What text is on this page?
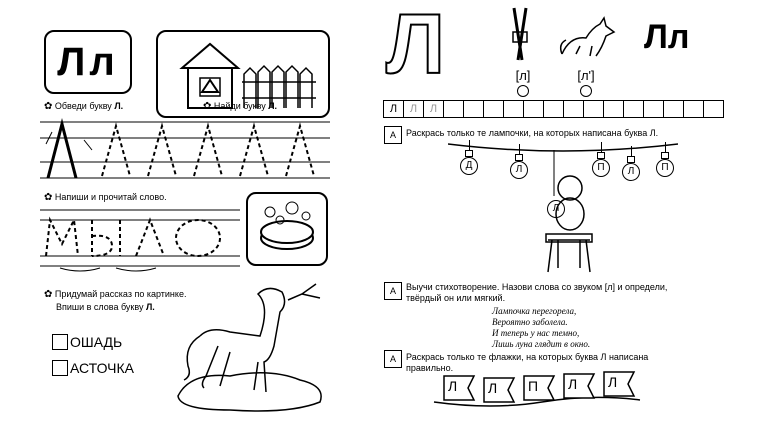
Лл
✿ Обведи букву Л.	✿ Найди букву Л.
✿ Напиши и прочитай слово.
МЫЛО
✿ Придумай рассказ по картинке.
Впиши в слова букву Л.
ОШАДЬ
АСТОЧКА
Л	Лл
[л]	[л']
Л	Л	Л
А	Раскрась только те лампочки, на которых написана буква Л.
Д	Л	П	Л	П
Л
А	Выучи стихотворение. Назови слова со звуком [л] и определи,
твёрдый он или мягкий.
Лампочка перегорела,
Вероятно заболела.
И теперь у нас темно,
Лишь луна глядит в окно.
А	Раскрась только те флажки, на которых буква Л написана
правильно.
Л Л П Л Л
